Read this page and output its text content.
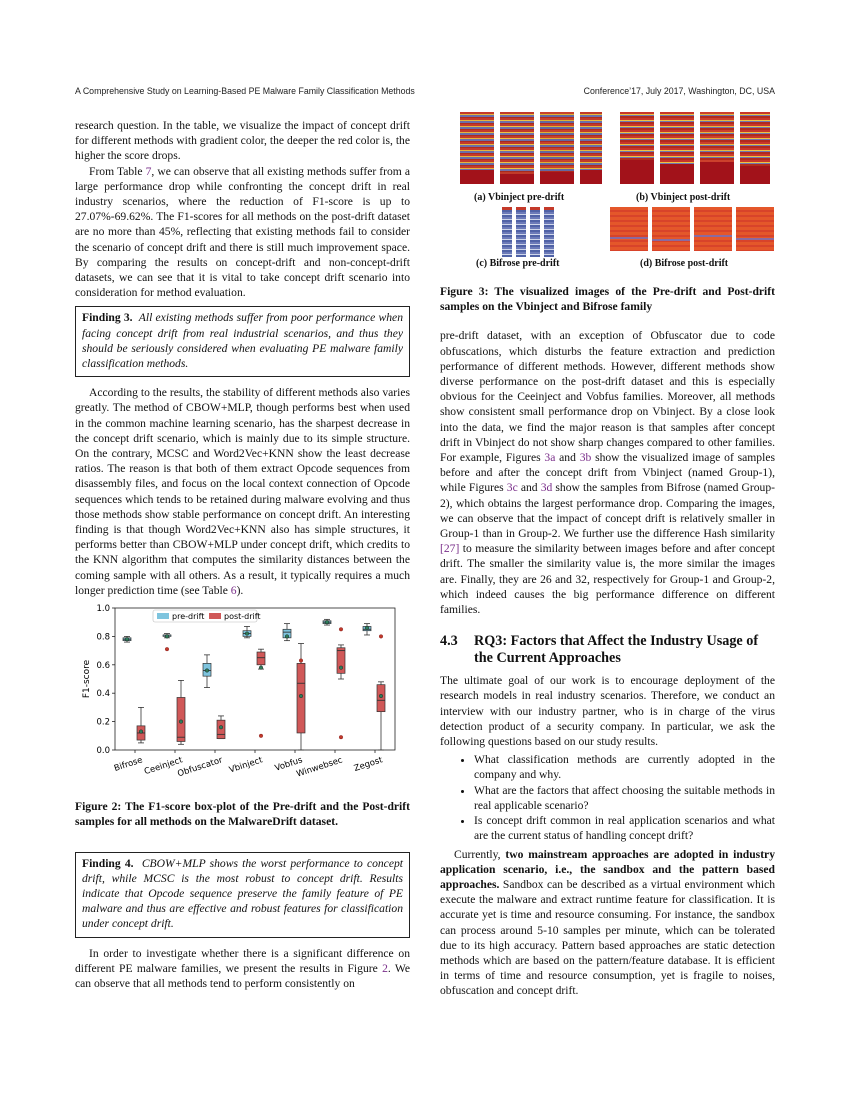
A Comprehensive Study on Learning-Based PE Malware Family Classification Methods	Conference’17, July 2017, Washington, DC, USA

research question. In the table, we visualize the impact of concept drift for different methods with gradient color, the deeper the red color is, the higher the score drops.

From Table 7, we can observe that all existing methods suffer from a large performance drop while confronting the concept drift in real industry scenarios, where the reduction of F1-score is up to 27.07%-69.62%. The F1-scores for all methods on the post-drift dataset are no more than 45%, reflecting that existing methods fail to consider the scenario of concept drift and there is still much improvement space. By comparing the results on concept-drift and non-concept-drift datasets, we can see that it is vital to take concept drift scenario into consideration for method evaluation.

Finding 3. All existing methods suffer from poor performance when facing concept drift from real industrial scenarios, and thus they should be seriously considered when evaluating PE malware family classification methods.

According to the results, the stability of different methods also varies greatly. The method of CBOW+MLP, though performs best when used in the common machine learning scenario, has the sharpest decrease in the concept drift scenario, which is mainly due to its simple structure. On the contrary, MCSC and Word2Vec+KNN show the least decrease ratios. The reason is that both of them extract Opcode sequences from disassembly files, and focus on the local context connection of Opcode sequences which tends to be retained during malware evolving and thus those methods show stable performance on concept drift. An interesting finding is that though Word2Vec+KNN also has simple structures, it performs better than CBOW+MLP under concept drift, which credits to the KNN algorithm that computes the similarity distances between the coming sample with all others. As a result, it typically requires a much longer prediction time (see Table 6).

0.0
0.2
0.4
0.6
0.8
1.0
F1-score
Bifrose Ceeinject
Obfuscator Vbinject Vobfus
Winwebsec Zegost
pre-drift post-drift
Figure 2: The F1-score box-plot of the Pre-drift and the Post-drift samples for all methods on the MalwareDrift dataset.

Finding 4. CBOW+MLP shows the worst performance to concept drift, while MCSC is the most robust to concept drift. Results indicate that Opcode sequence preserve the family feature of PE malware and thus are effective and robust features for classification under concept drift.

In order to investigate whether there is a significant difference on different PE malware families, we present the results in Figure 2. We can observe that all methods tend to perform consistently on

(a) Vbinject pre-drift	(b) Vbinject post-drift
(c) Bifrose pre-drift	(d) Bifrose post-drift
Figure 3: The visualized images of the Pre-drift and Post-drift samples on the Vbinject and Bifrose family

pre-drift dataset, with an exception of Obfuscator due to code obfuscations, which disturbs the feature extraction and prediction performance of different methods. However, different methods show diverse performance on the post-drift dataset and this is especially obvious for the Ceeinject and Vobfus families. Moreover, all methods show consistent small performance drop on Vbinject. By a close look into the data, we find the major reason is that samples after concept drift in Vbinject do not show sharp changes compared to other families. For example, Figures 3a and 3b show the visualized image of samples before and after the concept drift from Vbinject (named Group-1), while Figures 3c and 3d show the samples from Bifrose (named Group-2), which obtains the largest performance drop. Comparing the images, we can observe that the impact of concept drift is relatively smaller in Group-1 than in Group-2. We further use the difference Hash similarity [27] to measure the similarity between images before and after concept drift. The smaller the similarity value is, the more similar the images are. Finally, they are 26 and 32, respectively for Group-1 and Group-2, which indeed causes the big performance difference on different families.

4.3	RQ3: Factors that Affect the Industry Usage of the Current Approaches

The ultimate goal of our work is to encourage deployment of the research models in real industry scenarios. Therefore, we conduct an interview with our industry partner, who is in charge of the virus detection product of a security company. In particular, we ask the following questions based on our study results.

• What classification methods are currently adopted in the company and why.
• What are the factors that affect choosing the suitable methods in real applicable scenario?
• Is concept drift common in real application scenarios and what are the current status of handling concept drift?

Currently, two mainstream approaches are adopted in industry application scenario, i.e., the sandbox and the pattern based approaches. Sandbox can be described as a virtual environment which execute the malware and extract runtime feature for classification. It is accurate yet is time and resource consuming. For instance, the sandbox can process around 5-10 samples per minute, which can be tolerated due to its high accuracy. Pattern based approaches are static detection methods which are based on the pattern/feature database. It is efficient in terms of time and resource consumption, yet is fragile to noises, obfuscation and concept drift.
